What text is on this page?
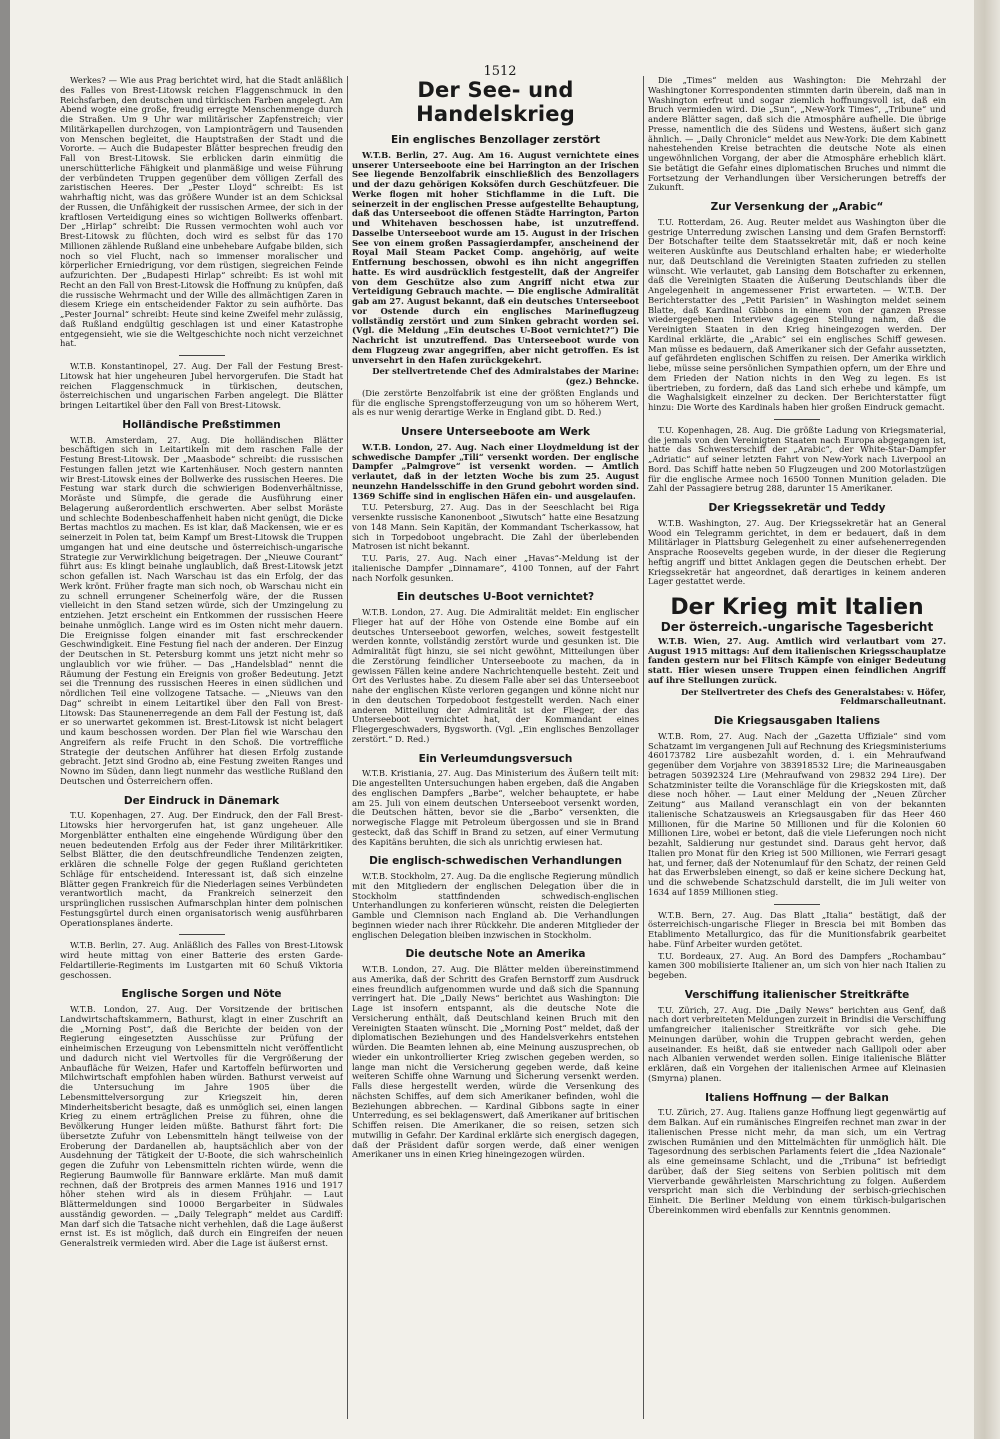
1512

Werkes? — Wie aus Prag berichtet wird, hat die Stadt anläßlich des Falles von Brest-Litowsk reichen Flaggenschmuck in den Reichsfarben, den deutschen und türkischen Farben angelegt. Am Abend wogte eine große, freudig erregte Menschenmenge durch die Straßen. Um 9 Uhr war militärischer Zapfenstreich; vier Militärkapellen durchzogen, von Lampionträgern und Tausenden von Menschen begleitet, die Hauptstraßen der Stadt und die Vororte. — Auch die Budapester Blätter besprechen freudig den Fall von Brest-Litowsk. Sie erblicken darin einmütig die unerschütterliche Fähigkeit und planmäßige und weise Führung der verbündeten Truppen gegenüber dem völligen Zerfall des zaristischen Heeres. Der „Pester Lloyd“ schreibt: Es ist wahrhaftig nicht, was das größere Wunder ist an dem Schicksal der Russen, die Unfähigkeit der russischen Armee, der sich in der kraftlosen Verteidigung eines so wichtigen Bollwerks offenbart. Der „Hirlap“ schreibt: Die Russen vermochten wohl auch vor Brest-Litowsk zu flüchten, doch wird es selbst für das 170 Millionen zählende Rußland eine unbehebare Aufgabe bilden, sich noch so viel Flucht, nach so immenser moralischer und körperlicher Erniedrigung, vor dem rüstigen, siegreichen Feinde aufzurichten. Der „Budapesti Hirlap“ schreibt: Es ist wohl mit Recht an den Fall von Brest-Litowsk die Hoffnung zu knüpfen, daß die russische Wehrmacht und der Wille des allmächtigen Zaren in diesem Kriege ein entscheidender Faktor zu sein aufhörte. Das „Pester Journal“ schreibt: Heute sind keine Zweifel mehr zulässig, daß Rußland endgültig geschlagen ist und einer Katastrophe entgegensieht, wie sie die Weltgeschichte noch nicht verzeichnet hat.

W.T.B. Konstantinopel, 27. Aug. Der Fall der Festung Brest-Litowsk hat hier ungeheuren Jubel hervorgerufen. Die Stadt hat reichen Flaggenschmuck in türkischen, deutschen, österreichischen und ungarischen Farben angelegt. Die Blätter bringen Leitartikel über den Fall von Brest-Litowsk.

Holländische Preßstimmen

W.T.B. Amsterdam, 27. Aug. Die holländischen Blätter beschäftigen sich in Leitartikeln mit dem raschen Falle der Festung Brest-Litowsk. Der „Maasbode“ schreibt: die russischen Festungen fallen jetzt wie Kartenhäuser. Noch gestern nannten wir Brest-Litowsk eines der Bollwerke des russischen Heeres. Die Festung war stark durch die schwierigen Bodenverhältnisse, Moräste und Sümpfe, die gerade die Ausführung einer Belagerung außerordentlich erschwerten. Aber selbst Moräste und schlechte Bodenbeschaffenheit haben nicht genügt, die Dicke Bertas machtlos zu machen. Es ist klar, daß Mackensen, wie er es seinerzeit in Polen tat, beim Kampf um Brest-Litowsk die Truppen umgangen hat und eine deutsche und österreichisch-ungarische Strategie zur Verwirklichung beigetragen. Der „Nieuwe Courant“ führt aus: Es klingt beinahe unglaublich, daß Brest-Litowsk jetzt schon gefallen ist. Nach Warschau ist das ein Erfolg, der das Werk krönt. Früher fragte man sich noch, ob Warschau nicht ein zu schnell errungener Scheinerfolg wäre, der die Russen vielleicht in den Stand setzen würde, sich der Umzingelung zu entziehen. Jetzt erscheint ein Entkommen der russischen Heere beinahe unmöglich. Lange wird es im Osten nicht mehr dauern. Die Ereignisse folgen einander mit fast erschreckender Geschwindigkeit. Eine Festung fiel nach der anderen. Der Einzug der Deutschen in St. Petersburg kommt uns jetzt nicht mehr so unglaublich vor wie früher. — Das „Handelsblad“ nennt die Räumung der Festung ein Ereignis von großer Bedeutung. Jetzt sei die Trennung des russischen Heeres in einen südlichen und nördlichen Teil eine vollzogene Tatsache. — „Nieuws van den Dag“ schreibt in einem Leitartikel über den Fall von Brest-Litowsk: Das Staunenerregende an dem Fall der Festung ist, daß er so unerwartet gekommen ist. Brest-Litowsk ist nicht belagert und kaum beschossen worden. Der Plan fiel wie Warschau den Angreifern als reife Frucht in den Schoß. Die vortreffliche Strategie der deutschen Anführer hat diesen Erfolg zustande gebracht. Jetzt sind Grodno ab, eine Festung zweiten Ranges und Nowno im Süden, dann liegt nunmehr das westliche Rußland den Deutschen und Österreichern offen.

Der Eindruck in Dänemark

T.U. Kopenhagen, 27. Aug. Der Eindruck, den der Fall Brest-Litowsks hier hervorgerufen hat, ist ganz ungeheuer. Alle Morgenblätter enthalten eine eingehende Würdigung über den neuen bedeutenden Erfolg aus der Feder ihrer Militärkritiker. Selbst Blätter, die den deutschfreundliche Tendenzen zeigten, erklären die schnelle Folge der gegen Rußland gerichteten Schläge für entscheidend. Interessant ist, daß sich einzelne Blätter gegen Frankreich für die Niederlagen seines Verbündeten verantwortlich macht, da Frankreich seinerzeit den ursprünglichen russischen Aufmarschplan hinter dem polnischen Festungsgürtel durch einen organisatorisch wenig ausführbaren Operationsplanes änderte.

W.T.B. Berlin, 27. Aug. Anläßlich des Falles von Brest-Litowsk wird heute mittag von einer Batterie des ersten Garde-Feldartillerie-Regiments im Lustgarten mit 60 Schuß Viktoria geschossen.

Englische Sorgen und Nöte

W.T.B. London, 27. Aug. Der Vorsitzende der britischen Landwirtschaftskammern, Bathurst, klagt in einer Zuschrift an die „Morning Post“, daß die Berichte der beiden von der Regierung eingesetzten Ausschüsse zur Prüfung der einheimischen Erzeugung von Lebensmitteln nicht veröffentlicht und dadurch nicht viel Wertvolles für die Vergrößerung der Anbaufläche für Weizen, Hafer und Kartoffeln befürworten und Milchwirtschaft empfohlen haben würden. Bathurst verweist auf die Untersuchung im Jahre 1905 über die Lebensmittelversorgung zur Kriegszeit hin, deren Minderheitsbericht besagte, daß es unmöglich sei, einen langen Krieg zu einem erträglichen Preise zu führen, ohne die Bevölkerung Hunger leiden müßte. Bathurst fährt fort: Die übersetzte Zufuhr von Lebensmitteln hängt teilweise von der Eroberung der Dardanellen ab, hauptsächlich aber von der Ausdehnung der Tätigkeit der U-Boote, die sich wahrscheinlich gegen die Zufuhr von Lebensmitteln richten würde, wenn die Regierung Baumwolle für Bannware erklärte. Man muß damit rechnen, daß der Brotpreis des armen Mannes 1916 und 1917 höher stehen wird als in diesem Frühjahr. — Laut Blättermeldungen sind 10000 Bergarbeiter in Südwales ausständig geworden. — „Daily Telegraph“ meldet aus Cardiff: Man darf sich die Tatsache nicht verhehlen, daß die Lage äußerst ernst ist. Es ist möglich, daß durch ein Eingreifen der neuen Generalstreik vermieden wird. Aber die Lage ist äußerst ernst.

Der See- und Handelskrieg
Ein englisches Benzollager zerstört

W.T.B. Berlin, 27. Aug. Am 16. August vernichtete eines unserer Unterseeboote eine bei Harrington an der Irischen See liegende Benzolfabrik einschließlich des Benzollagers und der dazu gehörigen Koksöfen durch Geschützfeuer. Die Werke flogen mit hoher Stichflamme in die Luft. Die seinerzeit in der englischen Presse aufgestellte Behauptung, daß das Unterseeboot die offenen Städte Harrington, Parton und Whitehaven beschossen habe, ist unzutreffend. Dasselbe Unterseeboot wurde am 15. August in der Irischen See von einem großen Passagierdampfer, anscheinend der Royal Mail Steam Packet Comp. angehörig, auf weite Entfernung beschossen, obwohl es ihn nicht angegriffen hatte. Es wird ausdrücklich festgestellt, daß der Angreifer von dem Geschütze also zum Angriff nicht etwa zur Verteidigung Gebrauch machte. — Die englische Admiralität gab am 27. August bekannt, daß ein deutsches Unterseeboot vor Ostende durch ein englisches Marineflugzeug vollständig zerstört und zum Sinken gebracht worden sei. (Vgl. die Meldung „Ein deutsches U-Boot vernichtet?“) Die Nachricht ist unzutreffend. Das Unterseeboot wurde von dem Flugzeug zwar angegriffen, aber nicht getroffen. Es ist unversehrt in den Hafen zurückgekehrt.

Der stellvertretende Chef des Admiralstabes der Marine: (gez.) Behncke.

(Die zerstörte Benzolfabrik ist eine der größten Englands und für die englische Sprengstofferzeugung von um so höherem Wert, als es nur wenig derartige Werke in England gibt. D. Red.)

Unsere Unterseeboote am Werk

W.T.B. London, 27. Aug. Nach einer Lloydmeldung ist der schwedische Dampfer „Tili“ versenkt worden. Der englische Dampfer „Palmgrove“ ist versenkt worden. — Amtlich verlautet, daß in der letzten Woche bis zum 25. August neunzehn Handelsschiffe in den Grund gebohrt worden sind. 1369 Schiffe sind in englischen Häfen ein- und ausgelaufen.

T.U. Petersburg, 27. Aug. Das in der Seeschlacht bei Riga versenkte russische Kanonenboot „Siwutsch“ hatte eine Besatzung von 148 Mann. Sein Kapitän, der Kommandant Tscherkassow, hat sich in Torpedoboot ungebracht. Die Zahl der überlebenden Matrosen ist nicht bekannt.

T.U. Paris, 27. Aug. Nach einer „Havas“-Meldung ist der italienische Dampfer „Dinnamare“, 4100 Tonnen, auf der Fahrt nach Norfolk gesunken.

Ein deutsches U-Boot vernichtet?

W.T.B. London, 27. Aug. Die Admiralität meldet: Ein englischer Flieger hat auf der Höhe von Ostende eine Bombe auf ein deutsches Unterseeboot geworfen, welches, soweit festgestellt werden konnte, vollständig zerstört wurde und gesunken ist. Die Admiralität fügt hinzu, sie sei nicht gewöhnt, Mitteilungen über die Zerstörung feindlicher Unterseeboote zu machen, da in gewissen Fällen keine andere Nachrichtenquelle besteht. Zeit und Ort des Verlustes habe. Zu diesem Falle aber sei das Unterseeboot nahe der englischen Küste verloren gegangen und könne nicht nur in den deutschen Torpedoboot festgestellt werden. Nach einer anderen Mitteilung der Admiralität ist der Flieger, der das Unterseeboot vernichtet hat, der Kommandant eines Fliegergeschwaders, Bygsworth. (Vgl. „Ein englisches Benzollager zerstört.“ D. Red.)

Ein Verleumdungsversuch

W.T.B. Kristiania, 27. Aug. Das Ministerium des Äußern teilt mit: Die angestellten Untersuchungen haben ergeben, daß die Angaben des englischen Dampfers „Barbe“, welcher behauptete, er habe am 25. Juli von einem deutschen Unterseeboot versenkt worden, die Deutschen hätten, bevor sie die „Barbo“ versenkten, die norwegische Flagge mit Petroleum übergossen und sie in Brand gesteckt, daß das Schiff in Brand zu setzen, auf einer Vermutung des Kapitäns beruhten, die sich als unrichtig erwiesen hat.

Die englisch-schwedischen Verhandlungen

W.T.B. Stockholm, 27. Aug. Da die englische Regierung mündlich mit den Mitgliedern der englischen Delegation über die in Stockholm stattfindenden schwedisch-englischen Unterhandlungen zu konferieren wünscht, reisten die Delegierten Gamble und Clemnison nach England ab. Die Verhandlungen beginnen wieder nach ihrer Rückkehr. Die anderen Mitglieder der englischen Delegation bleiben inzwischen in Stockholm.

Die deutsche Note an Amerika

W.T.B. London, 27. Aug. Die Blätter melden übereinstimmend aus Amerika, daß der Schritt des Grafen Bernstorff zum Ausdruck eines freundlich aufgenommen wurde und daß sich die Spannung verringert hat. Die „Daily News“ berichtet aus Washington: Die Lage ist insofern entspannt, als die deutsche Note die Versicherung enthält, daß Deutschland keinen Bruch mit den Vereinigten Staaten wünscht. Die „Morning Post“ meldet, daß der diplomatischen Beziehungen und des Handelsverkehrs entstehen würden. Die Beamten lehnen ab, eine Meinung auszusprechen, ob wieder ein unkontrollierter Krieg zwischen gegeben werden, so lange man nicht die Versicherung gegeben werde, daß keine weiteren Schiffe ohne Warnung und Sicherung versenkt werden. Falls diese hergestellt werden, würde die Versenkung des nächsten Schiffes, auf dem sich Amerikaner befinden, wohl die Beziehungen abbrechen. — Kardinal Gibbons sagte in einer Unterredung, es sei beklagenswert, daß Amerikaner auf britischen Schiffen reisen. Die Amerikaner, die so reisen, setzen sich mutwillig in Gefahr. Der Kardinal erklärte sich energisch dagegen, daß der Präsident dafür sorgen werde, daß einer wenigen Amerikaner uns in einen Krieg hineingezogen würden.

Die „Times“ melden aus Washington: Die Mehrzahl der Washingtoner Korrespondenten stimmten darin überein, daß man in Washington erfreut und sogar ziemlich hoffnungsvoll ist, daß ein Bruch vermieden wird. Die „Sun“, „New-York Times“, „Tribune“ und andere Blätter sagen, daß sich die Atmosphäre aufhelle. Die übrige Presse, namentlich die des Südens und Westens, äußert sich ganz ähnlich. — „Daily Chronicle“ meldet aus New-York: Die dem Kabinett nahestehenden Kreise betrachten die deutsche Note als einen ungewöhnlichen Vorgang, der aber die Atmosphäre erheblich klärt. Sie betätigt die Gefahr eines diplomatischen Bruches und nimmt die Fortsetzung der Verhandlungen über Versicherungen betreffs der Zukunft.

Zur Versenkung der „Arabic“

T.U. Rotterdam, 26. Aug. Reuter meldet aus Washington über die gestrige Unterredung zwischen Lansing und dem Grafen Bernstorff: Der Botschafter teilte dem Staatssekretär mit, daß er noch keine weiteren Auskünfte aus Deutschland erhalten habe; er wiederholte nur, daß Deutschland die Vereinigten Staaten zufrieden zu stellen wünscht. Wie verlautet, gab Lansing dem Botschafter zu erkennen, daß die Vereinigten Staaten die Äußerung Deutschlands über die Angelegenheit in angemessener Frist erwarteten. — W.T.B. Der Berichterstatter des „Petit Parisien“ in Washington meldet seinem Blatte, daß Kardinal Gibbons in einem von der ganzen Presse wiedergegebenen Interview dagegen Stellung nahm, daß die Vereinigten Staaten in den Krieg hineingezogen werden. Der Kardinal erklärte, die „Arabic“ sei ein englisches Schiff gewesen. Man müsse es bedauern, daß Amerikaner sich der Gefahr aussetzten, auf gefährdeten englischen Schiffen zu reisen. Der Amerika wirklich liebe, müsse seine persönlichen Sympathien opfern, um der Ehre und dem Frieden der Nation nichts in den Weg zu legen. Es ist übertrieben, zu fordern, daß das Land sich erhebe und kämpfe, um die Waghalsigkeit einzelner zu decken. Der Berichterstatter fügt hinzu: Die Worte des Kardinals haben hier großen Eindruck gemacht.

T.U. Kopenhagen, 28. Aug. Die größte Ladung von Kriegsmaterial, die jemals von den Vereinigten Staaten nach Europa abgegangen ist, hatte das Schwesterschiff der „Arabic“, der White-Star-Dampfer „Adriatic“ auf seiner letzten Fahrt von New-York nach Liverpool an Bord. Das Schiff hatte neben 50 Flugzeugen und 200 Motorlastzügen für die englische Armee noch 16500 Tonnen Munition geladen. Die Zahl der Passagiere betrug 288, darunter 15 Amerikaner.

Der Kriegssekretär und Teddy

W.T.B. Washington, 27. Aug. Der Kriegssekretär hat an General Wood ein Telegramm gerichtet, in dem er bedauert, daß in dem Militärlager in Plattsburg Gelegenheit zu einer aufsehenerregenden Ansprache Roosevelts gegeben wurde, in der dieser die Regierung heftig angriff und bittet Anklagen gegen die Deutschen erhebt. Der Kriegssekretär hat angeordnet, daß derartiges in keinem anderen Lager gestattet werde.

Der Krieg mit Italien
Der österreich.-ungarische Tagesbericht

W.T.B. Wien, 27. Aug. Amtlich wird verlautbart vom 27. August 1915 mittags: Auf dem italienischen Kriegsschauplatze fanden gestern nur bei Flitsch Kämpfe von einiger Bedeutung statt. Hier wiesen unsere Truppen einen feindlichen Angriff auf ihre Stellungen zurück.

Der Stellvertreter des Chefs des Generalstabes: v. Höfer, Feldmarschalleutnant.

Die Kriegsausgaben Italiens

W.T.B. Rom, 27. Aug. Nach der „Gazetta Uffiziale“ sind vom Schatzamt im vergangenen Juli auf Rechnung des Kriegsministeriums 460173782 Lire ausbezahlt worden, d. i. ein Mehraufwand gegenüber dem Vorjahre von 383918532 Lire; die Marineausgaben betragen 50392324 Lire (Mehraufwand von 29832 294 Lire). Der Schatzminister teilte die Voranschläge für die Kriegskosten mit, daß diese noch höher. — Laut einer Meldung der „Neuen Zürcher Zeitung“ aus Mailand veranschlagt ein von der bekannten italienische Schatzausweis an Kriegsausgaben für das Heer 460 Millionen, für die Marine 50 Millionen und für die Kolonien 60 Millionen Lire, wobei er betont, daß die viele Lieferungen noch nicht bezahlt, Saldierung nur gestundet sind. Daraus geht hervor, daß Italien pro Monat für den Krieg ist 500 Millionen, wie Ferrari gesagt hat, und ferner, daß der Notenumlauf für den Schatz, der reinen Geld hat das Erwerbsleben einengt, so daß er keine sichere Deckung hat, und die schwebende Schatzschuld darstellt, die im Juli weiter von 1634 auf 1859 Millionen stieg.

W.T.B. Bern, 27. Aug. Das Blatt „Italia“ bestätigt, daß der österreichisch-ungarische Flieger in Brescia bei mit Bomben das Etablimento Metallurgico, das für die Munitionsfabrik gearbeitet habe. Fünf Arbeiter wurden getötet.

T.U. Bordeaux, 27. Aug. An Bord des Dampfers „Rochambau“ kamen 300 mobilisierte Italiener an, um sich von hier nach Italien zu begeben.

Verschiffung italienischer Streitkräfte

T.U. Zürich, 27. Aug. Die „Daily News“ berichten aus Genf, daß nach dort verbreiteten Meldungen zurzeit in Brindisi die Verschiffung umfangreicher italienischer Streitkräfte vor sich gehe. Die Meinungen darüber, wohin die Truppen gebracht werden, gehen auseinander. Es heißt, daß sie entweder nach Gallipoli oder aber nach Albanien verwendet werden sollen. Einige italienische Blätter erklären, daß ein Vorgehen der italienischen Armee auf Kleinasien (Smyrna) planen.

Italiens Hoffnung — der Balkan

T.U. Zürich, 27. Aug. Italiens ganze Hoffnung liegt gegenwärtig auf dem Balkan. Auf ein rumänisches Eingreifen rechnet man zwar in der italienischen Presse nicht mehr, da man sich, um ein Vertrag zwischen Rumänien und den Mittelmächten für unmöglich hält. Die Tagesordnung des serbischen Parlaments feiert die „Idea Nazionale“ als eine gemeinsame Schlacht, und die „Tribuna“ ist befriedigt darüber, daß der Sieg seitens von Serbien politisch mit dem Vierverbande gewährleisten Marschrichtung zu folgen. Außerdem verspricht man sich die Verbindung der serbisch-griechischen Einheit. Die Berliner Meldung von einem türkisch-bulgarischen Übereinkommen wird ebenfalls zur Kenntnis genommen.
